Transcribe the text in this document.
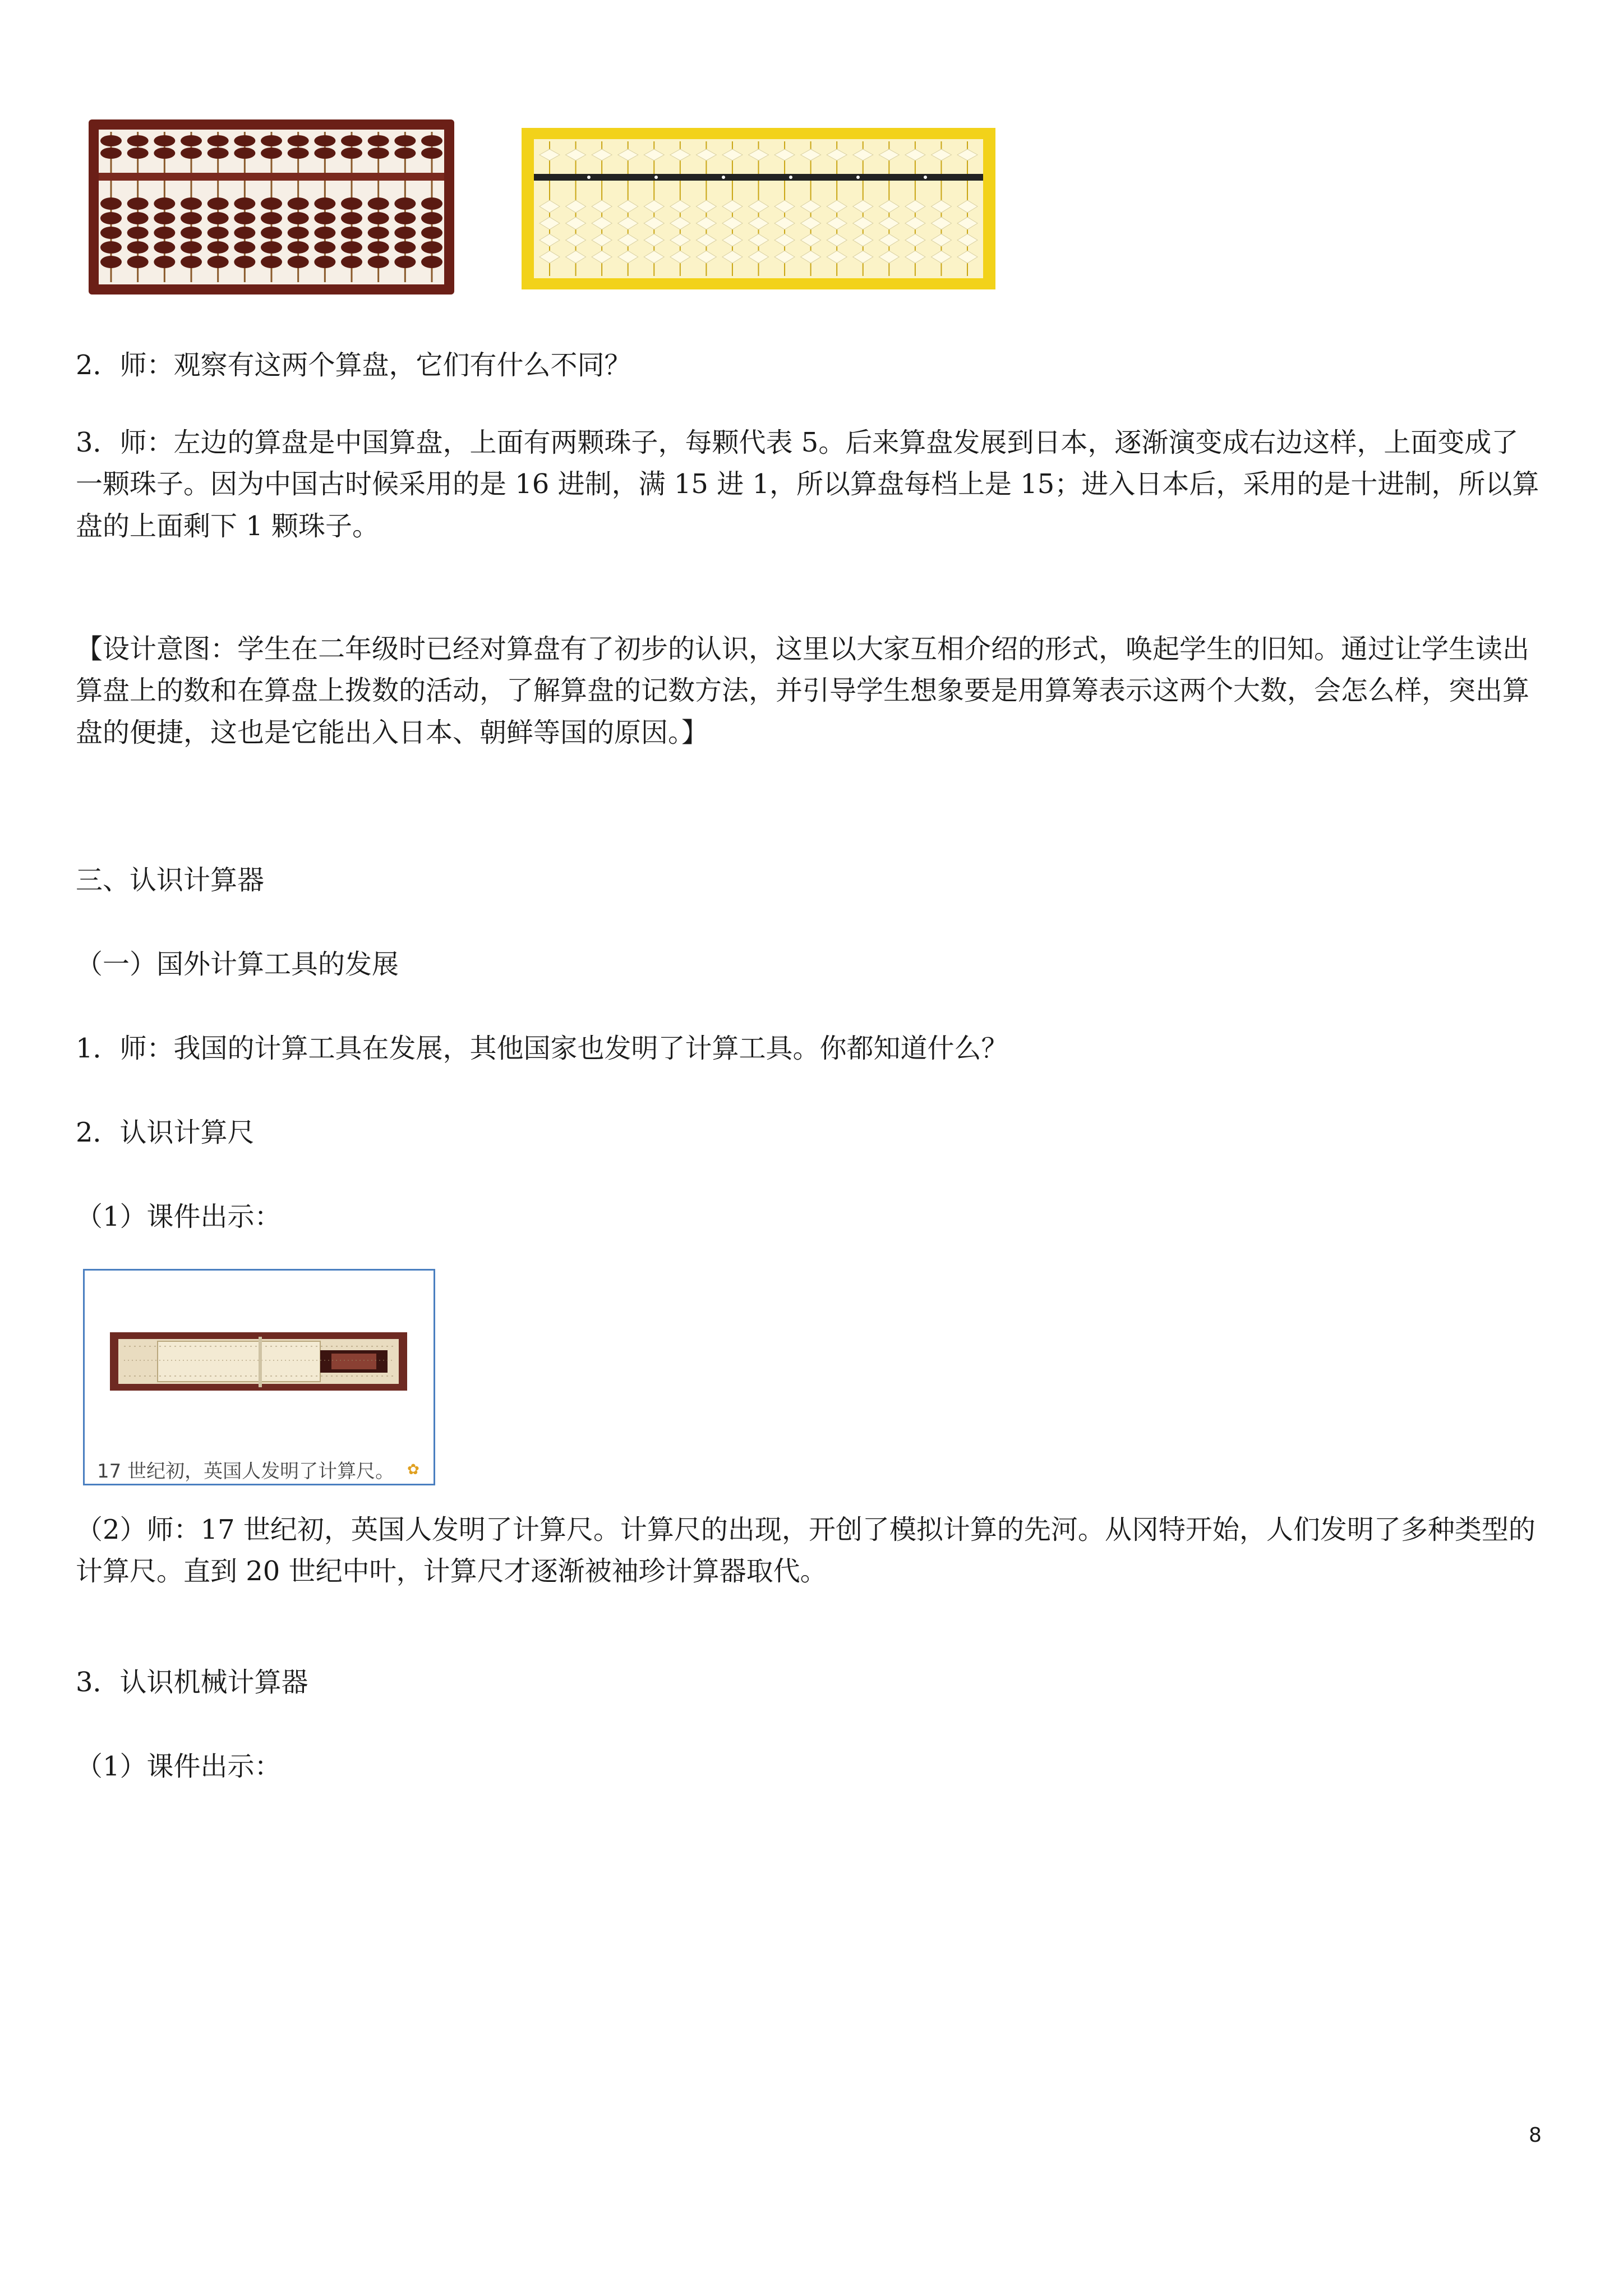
2．师：观察有这两个算盘，它们有什么不同？

3．师：左边的算盘是中国算盘，上面有两颗珠子，每颗代表 5。后来算盘发展到日本，逐渐演变成右边这样，上面变成了一颗珠子。因为中国古时候采用的是 16 进制，满 15 进 1，所以算盘每档上是 15；进入日本后，采用的是十进制，所以算盘的上面剩下 1 颗珠子。

【设计意图：学生在二年级时已经对算盘有了初步的认识，这里以大家互相介绍的形式，唤起学生的旧知。通过让学生读出算盘上的数和在算盘上拨数的活动，了解算盘的记数方法，并引导学生想象要是用算筹表示这两个大数，会怎么样，突出算盘的便捷，这也是它能出入日本、朝鲜等国的原因。】

三、认识计算器

（一）国外计算工具的发展

1．师：我国的计算工具在发展，其他国家也发明了计算工具。你都知道什么？

2．认识计算尺

（1）课件出示：

17 世纪初，英国人发明了计算尺。 ✿

（2）师：17 世纪初，英国人发明了计算尺。计算尺的出现，开创了模拟计算的先河。从冈特开始，人们发明了多种类型的计算尺。直到 20 世纪中叶，计算尺才逐渐被袖珍计算器取代。

3．认识机械计算器

（1）课件出示：

8
